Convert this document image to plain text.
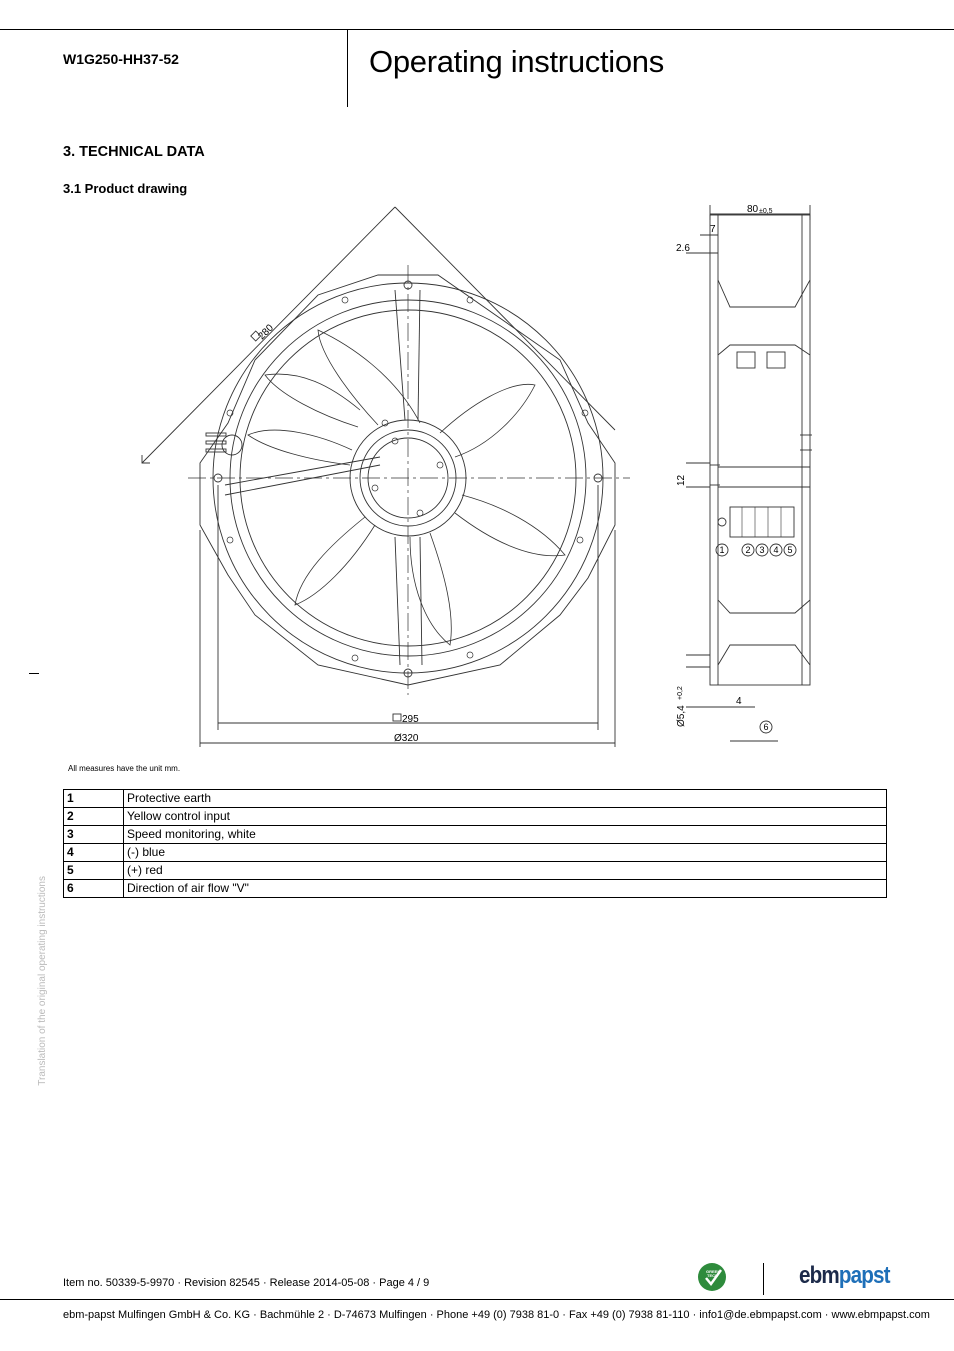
W1G250-HH37-52	Operating instructions
3. TECHNICAL DATA
3.1 Product drawing
280
295
Ø320
80 ±0,5
7
2.6
12
4
Ø5,4
+0,2
1 2 3 4 5
6
All measures have the unit mm.
1	Protective earth
2	Yellow control input
3	Speed monitoring, white
4	(-) blue
5	(+) red
6	Direction of air flow "V"
Translation of the original operating instructions
Item no. 50339-5-9970 · Revision 82545 · Release 2014-05-08 · Page 4 / 9
GREEN
TECH	ebmpapst
ebm-papst Mulfingen GmbH & Co. KG · Bachmühle 2 · D-74673 Mulfingen · Phone +49 (0) 7938 81-0 · Fax +49 (0) 7938 81-110 · info1@de.ebmpapst.com · www.ebmpapst.com
